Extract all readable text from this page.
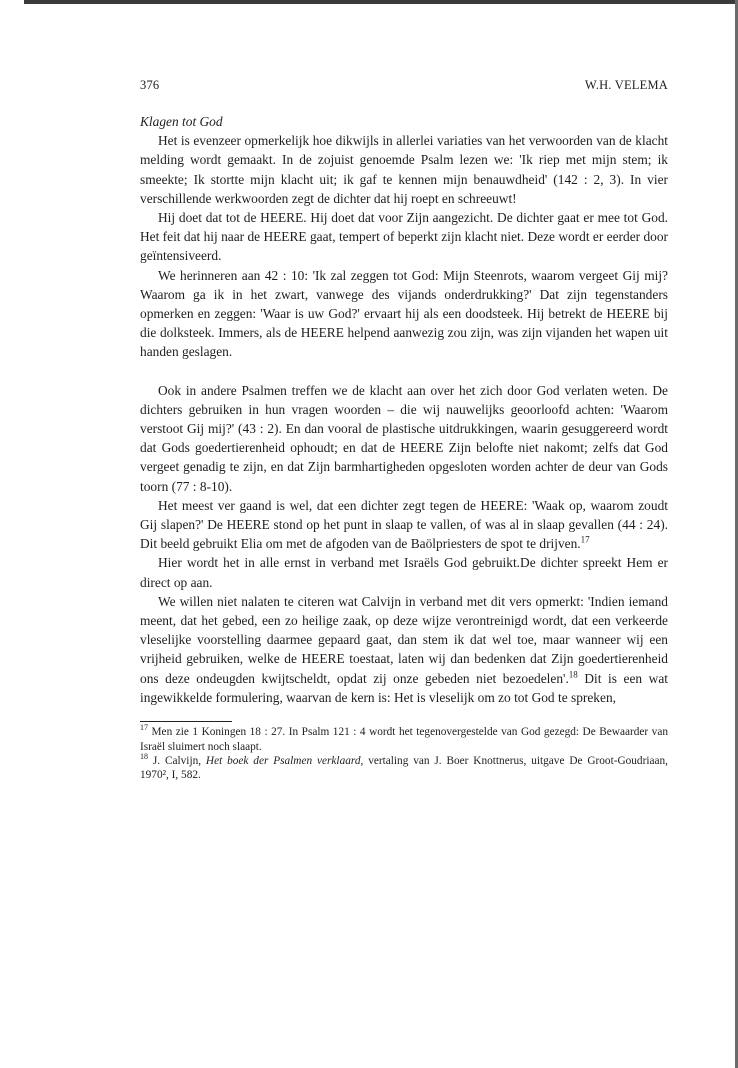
376	W.H. VELEMA

Klagen tot God

Het is evenzeer opmerkelijk hoe dikwijls in allerlei variaties van het verwoorden van de klacht melding wordt gemaakt. In de zojuist genoemde Psalm lezen we: 'Ik riep met mijn stem; ik smeekte; Ik stortte mijn klacht uit; ik gaf te kennen mijn benauwdheid' (142 : 2, 3). In vier verschillende werkwoorden zegt de dichter dat hij roept en schreeuwt!

Hij doet dat tot de HEERE. Hij doet dat voor Zijn aangezicht. De dichter gaat er mee tot God. Het feit dat hij naar de HEERE gaat, tempert of beperkt zijn klacht niet. Deze wordt er eerder door geïntensiveerd.

We herinneren aan 42 : 10: 'Ik zal zeggen tot God: Mijn Steenrots, waarom vergeet Gij mij? Waarom ga ik in het zwart, vanwege des vijands onderdrukking?' Dat zijn tegenstanders opmerken en zeggen: 'Waar is uw God?' ervaart hij als een doodsteek. Hij betrekt de HEERE bij die dolksteek. Immers, als de HEERE helpend aanwezig zou zijn, was zijn vijanden het wapen uit handen geslagen.

Ook in andere Psalmen treffen we de klacht aan over het zich door God verlaten weten. De dichters gebruiken in hun vragen woorden – die wij nauwelijks geoorloofd achten: 'Waarom verstoot Gij mij?' (43 : 2). En dan vooral de plastische uitdrukkingen, waarin gesuggereerd wordt dat Gods goedertierenheid ophoudt; en dat de HEERE Zijn belofte niet nakomt; zelfs dat God vergeet genadig te zijn, en dat Zijn barmhartigheden opgesloten worden achter de deur van Gods toorn (77 : 8-10).

Het meest ver gaand is wel, dat een dichter zegt tegen de HEERE: 'Waak op, waarom zoudt Gij slapen?' De HEERE stond op het punt in slaap te vallen, of was al in slaap gevallen (44 : 24). Dit beeld gebruikt Elia om met de afgoden van de Baölpriesters de spot te drijven.$^{17}$

Hier wordt het in alle ernst in verband met Israëls God gebruikt.De dichter spreekt Hem er direct op aan.

We willen niet nalaten te citeren wat Calvijn in verband met dit vers opmerkt: 'Indien iemand meent, dat het gebed, een zo heilige zaak, op deze wijze verontreinigd wordt, dat een verkeerde vleselijke voorstelling daarmee gepaard gaat, dan stem ik dat wel toe, maar wanneer wij een vrijheid gebruiken, welke de HEERE toestaat, laten wij dan bedenken dat Zijn goedertierenheid ons deze ondeugden kwijtscheldt, opdat zij onze gebeden niet bezoedelen'.$^{18}$ Dit is een wat ingewikkelde formulering, waarvan de kern is: Het is vleselijk om zo tot God te spreken,

$^{17}$ Men zie 1 Koningen 18 : 27. In Psalm 121 : 4 wordt het tegenovergestelde van God gezegd: De Bewaarder van Israël sluimert noch slaapt.

$^{18}$ J. Calvijn, Het boek der Psalmen verklaard, vertaling van J. Boer Knottnerus, uitgave De Groot-Goudriaan, 1970², I, 582.
